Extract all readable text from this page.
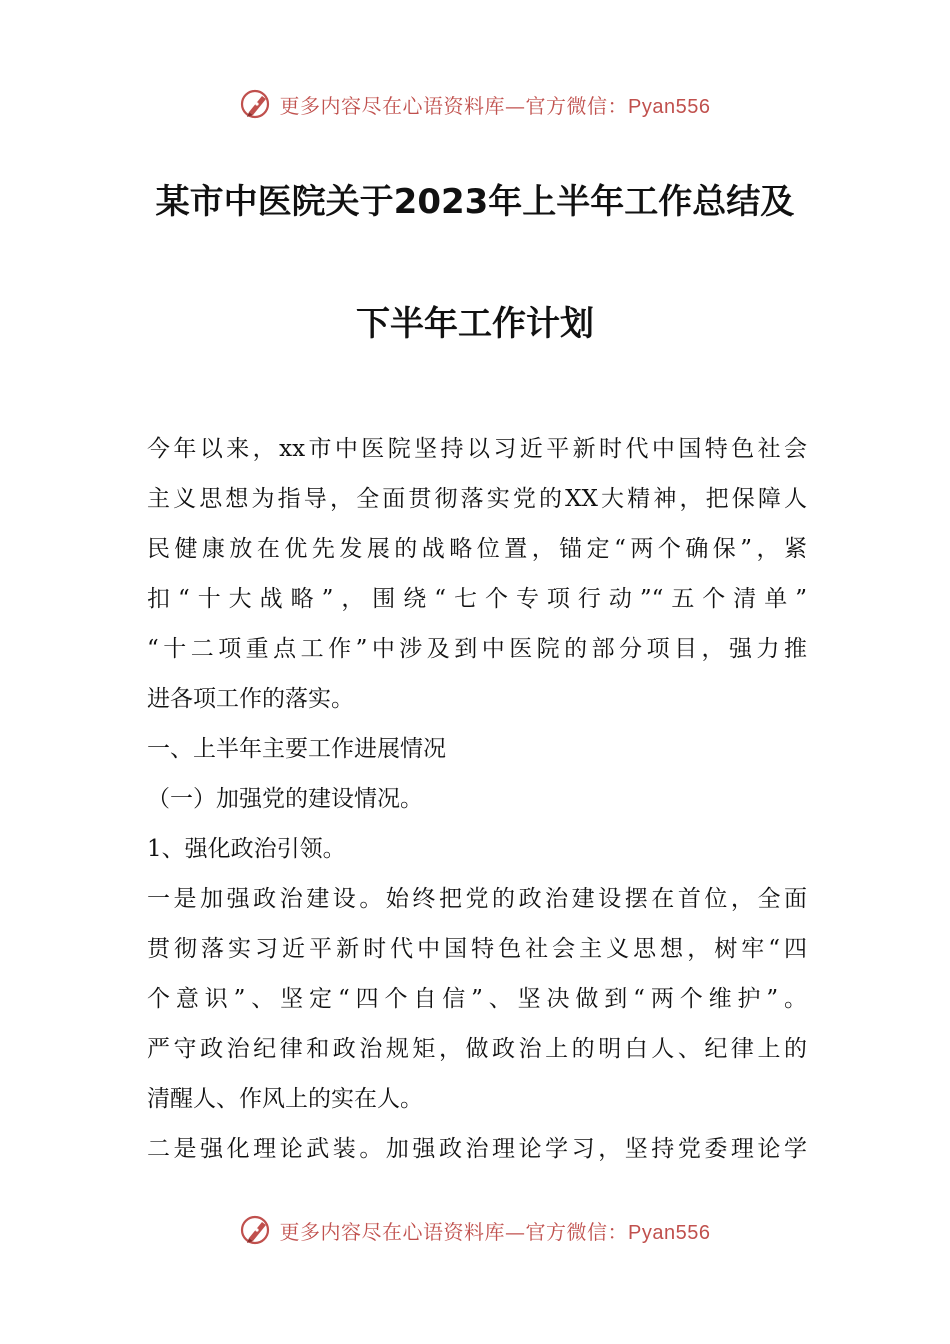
更多内容尽在心语资料库—官方微信：Pyan556
某市中医院关于2023年上半年工作总结及
下半年工作计划
今年以来，xx市中医院坚持以习近平新时代中国特色社会
主义思想为指导，全面贯彻落实党的XX大精神，把保障人
民健康放在优先发展的战略位置，锚定“两个确保”，紧
扣“十大战略”，围绕“七个专项行动”“五个清单”
“十二项重点工作”中涉及到中医院的部分项目，强力推
进各项工作的落实。
一、上半年主要工作进展情况
（一）加强党的建设情况。
1、强化政治引领。
一是加强政治建设。始终把党的政治建设摆在首位，全面
贯彻落实习近平新时代中国特色社会主义思想，树牢“四
个意识”、坚定“四个自信”、坚决做到“两个维护”。
严守政治纪律和政治规矩，做政治上的明白人、纪律上的
清醒人、作风上的实在人。
二是强化理论武装。加强政治理论学习，坚持党委理论学
更多内容尽在心语资料库—官方微信：Pyan556
